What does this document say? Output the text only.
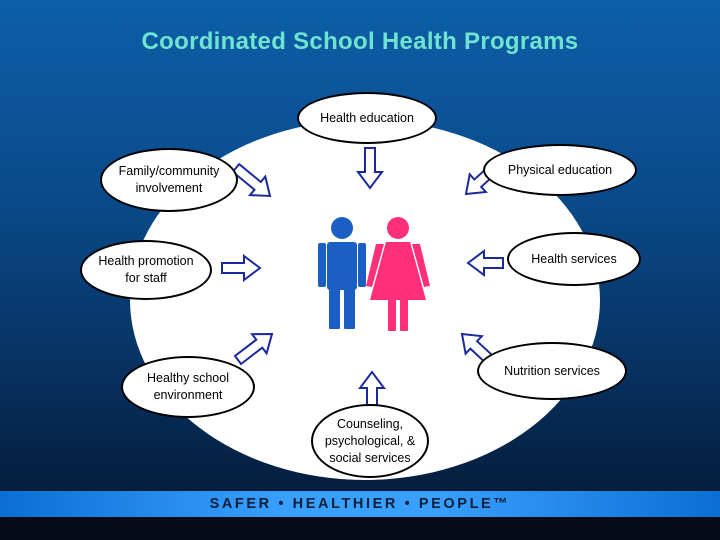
Coordinated School Health Programs
Health education
Physical education
Health services
Nutrition services
Counseling, psychological, & social services
Healthy school environment
Health promotion for staff
Family/community involvement
SAFER • HEALTHIER • PEOPLE™
